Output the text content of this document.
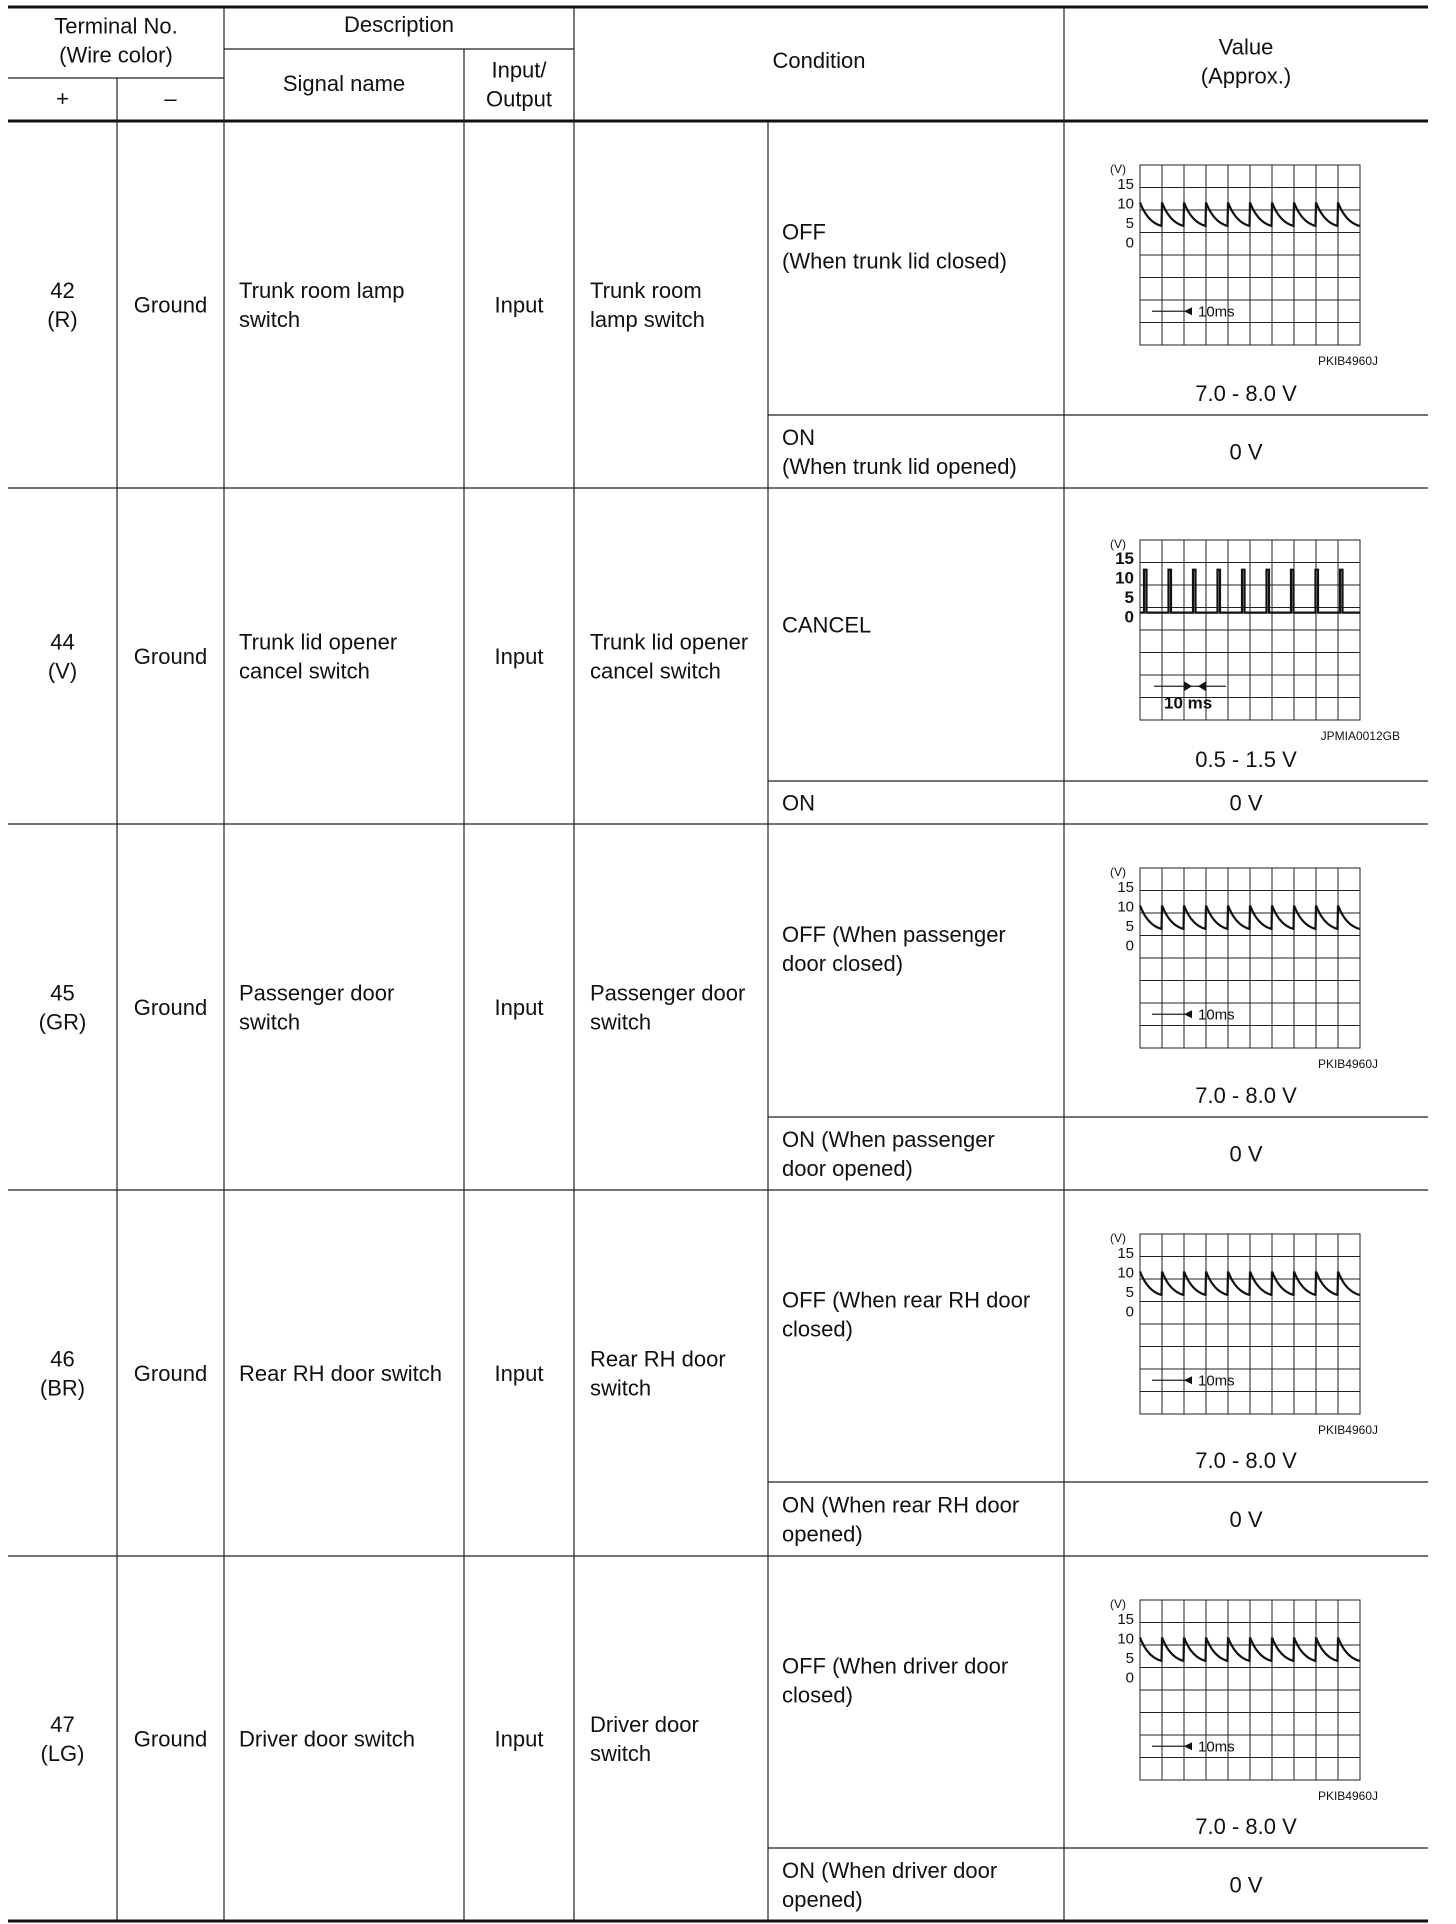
Terminal No.
(Wire color)
+	–
Description
Signal name
Input/
Output
Condition
Value
(Approx.)
42
(R)
Ground
Trunk room lamp
switch
Input
Trunk room
lamp switch
OFF
(When trunk lid closed)
ON
(When trunk lid opened)
7.0 - 8.0 V
0 V
(V)
15
10
5
0
10ms
PKIB4960J
44
(V)
Ground
Trunk lid opener
cancel switch
Input
Trunk lid opener
cancel switch
CANCEL
ON
0.5 - 1.5 V
0 V
(V)
15
10
5
0
10 ms
JPMIA0012GB
45
(GR)
Ground
Passenger door
switch
Input
Passenger door
switch
OFF (When passenger
door closed)
ON (When passenger
door opened)
7.0 - 8.0 V
0 V
(V)
15
10
5
0
10ms
PKIB4960J
46
(BR)
Ground Rear RH door switch Input
Rear RH door
switch
OFF (When rear RH door
closed)
ON (When rear RH door
opened)
7.0 - 8.0 V
0 V
(V)
15
10
5
0
10ms
PKIB4960J
47
(LG)
Ground Driver door switch	Input
Driver door
switch
OFF (When driver door
closed)
ON (When driver door
opened)
7.0 - 8.0 V
0 V
(V)
15
10
5
0
10ms
PKIB4960J
